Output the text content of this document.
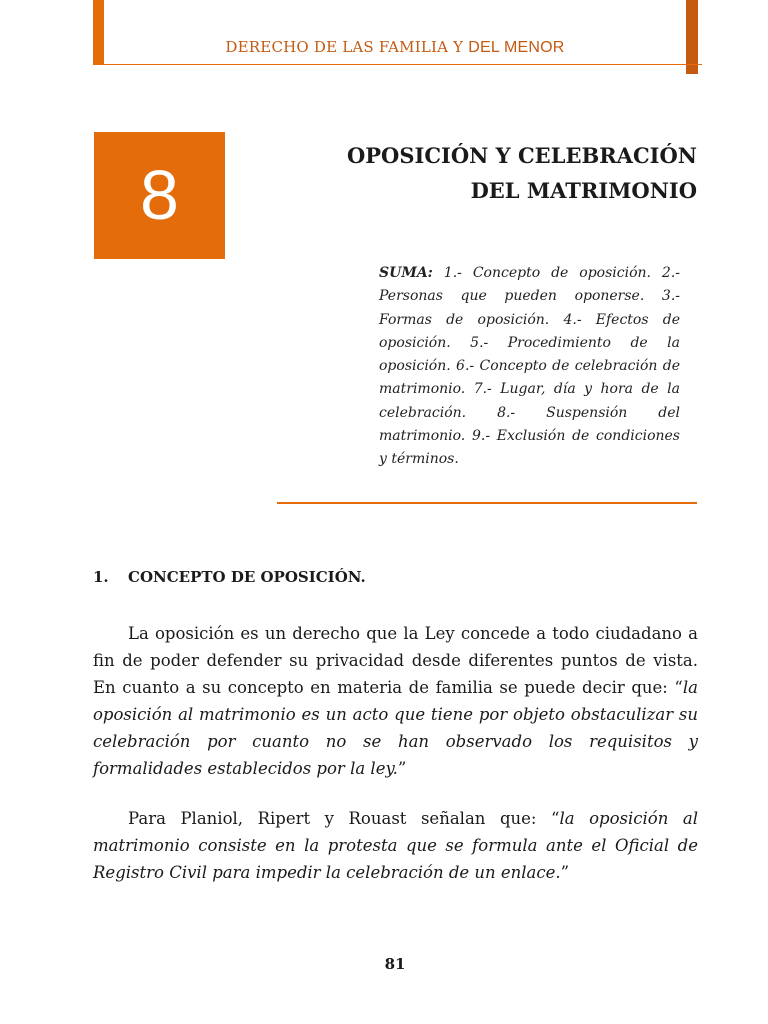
DERECHO DE LAS FAMILIA Y DEL MENOR
8
OPOSICIÓN Y CELEBRACIÓN
DEL MATRIMONIO
SUMA: 1.- Concepto de oposición. 2.- Personas que pueden oponerse. 3.- Formas de oposición. 4.- Efectos de oposición. 5.- Procedimiento de la oposición. 6.- Concepto de celebración de matrimonio. 7.- Lugar, día y hora de la celebración. 8.- Suspensión del matrimonio. 9.- Exclusión de condiciones y términos.
1. CONCEPTO DE OPOSICIÓN.
La oposición es un derecho que la Ley concede a todo ciudadano a fin de poder defender su privacidad desde diferentes puntos de vista. En cuanto a su concepto en materia de familia se puede decir que: “la oposición al matrimonio es un acto que tiene por objeto obstaculizar su celebración por cuanto no se han observado los requisitos y formalidades establecidos por la ley.”
Para Planiol, Ripert y Rouast señalan que: “la oposición al matrimonio consiste en la protesta que se formula ante el Oficial de Registro Civil para impedir la celebración de un enlace.”
81
